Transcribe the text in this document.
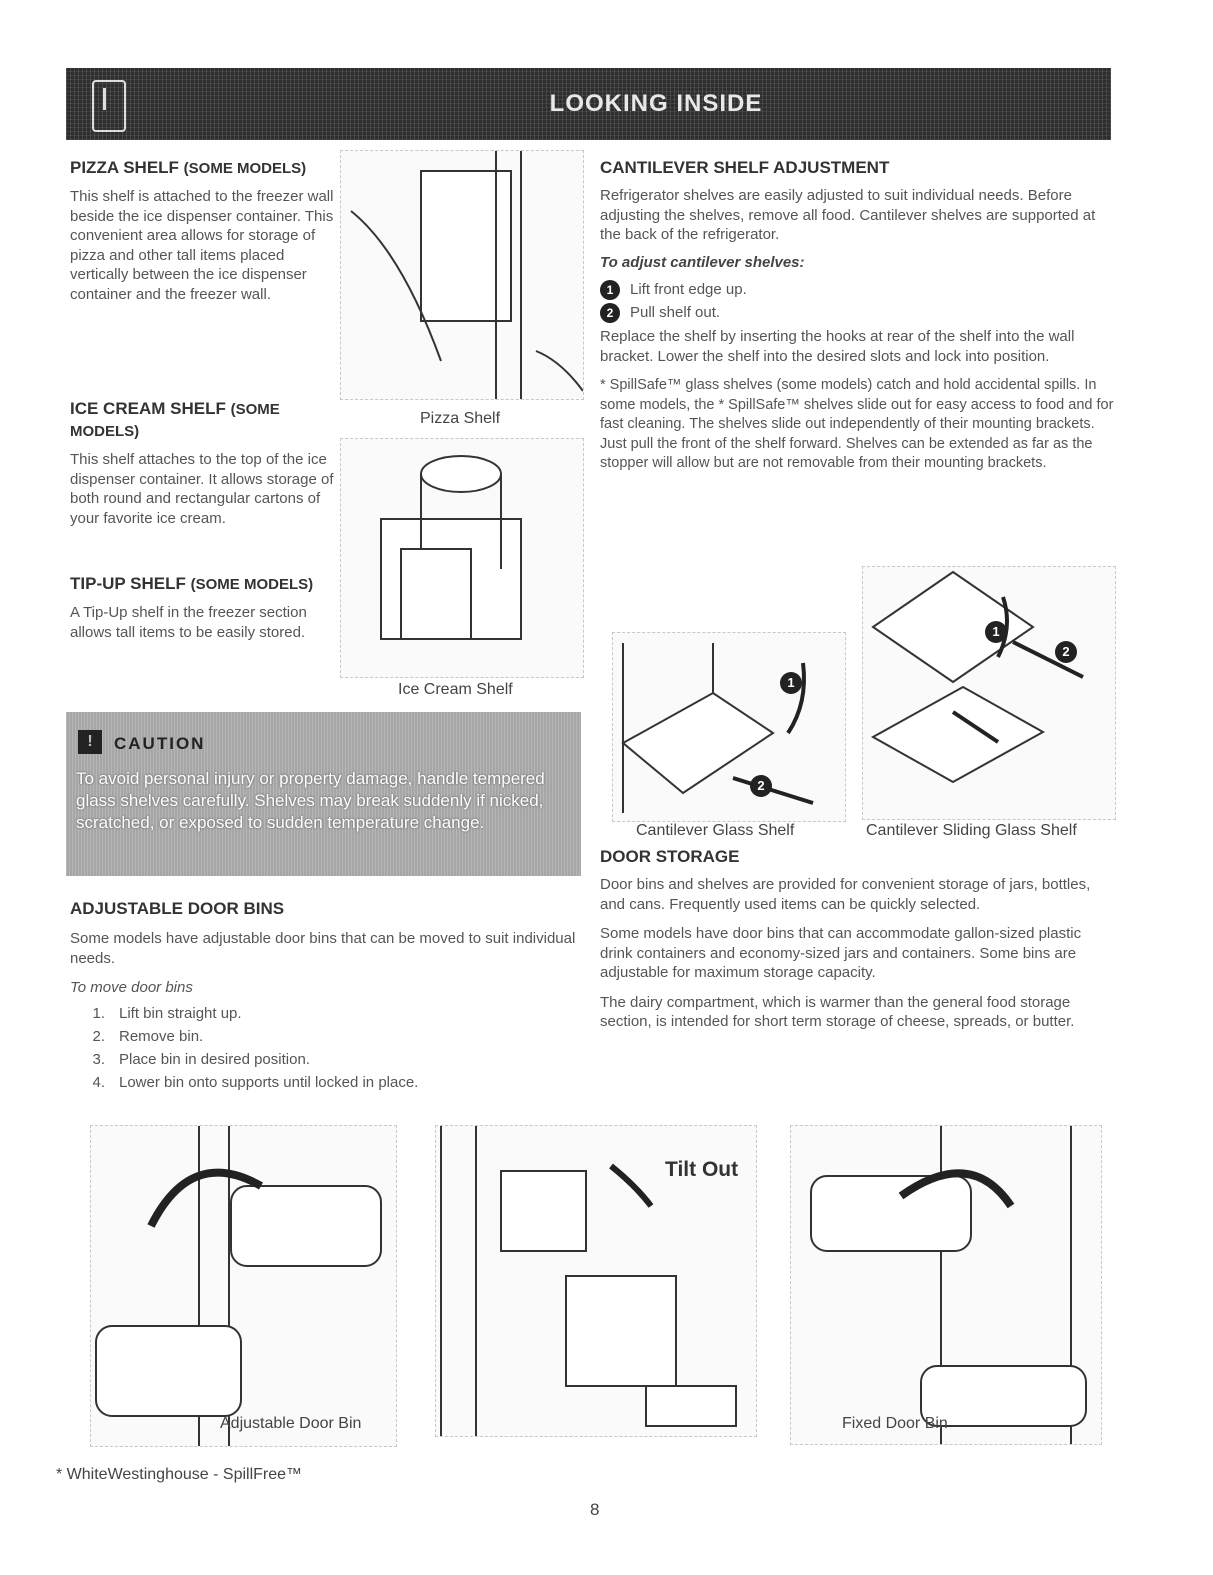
LOOKING INSIDE
PIZZA SHELF (SOME MODELS)

This shelf is attached to the freezer wall beside the ice dispenser container. This convenient area allows for storage of pizza and other tall items placed vertically between the ice dispenser container and the freezer wall.

Pizza Shelf
ICE CREAM SHELF (SOME MODELS)

This shelf attaches to the top of the ice dispenser container. It allows storage of both round and rectangular cartons of your favorite ice cream.

Ice Cream Shelf
TIP-UP SHELF (SOME MODELS)

A Tip-Up shelf in the freezer section allows tall items to be easily stored.

!	CAUTION
To avoid personal injury or property damage, handle tempered glass shelves carefully. Shelves may break suddenly if nicked, scratched, or exposed to sudden temperature change.
ADJUSTABLE DOOR BINS

Some models have adjustable door bins that can be moved to suit individual needs.

To move door bins

1. Lift bin straight up.
2. Remove bin.
3. Place bin in desired position.
4. Lower bin onto supports until locked in place.
CANTILEVER SHELF ADJUSTMENT

Refrigerator shelves are easily adjusted to suit individual needs. Before adjusting the shelves, remove all food. Cantilever shelves are supported at the back of the refrigerator.

To adjust cantilever shelves:

1 Lift front edge up.
2 Pull shelf out.

Replace the shelf by inserting the hooks at rear of the shelf into the wall bracket. Lower the shelf into the desired slots and lock into position.

* SpillSafe™ glass shelves (some models) catch and hold accidental spills. In some models, the * SpillSafe™ shelves slide out for easy access to food and for fast cleaning. The shelves slide out independently of their mounting brackets. Just pull the front of the shelf forward. Shelves can be extended as far as the stopper will allow but are not removable from their mounting brackets.

1
2
1
2
Cantilever Glass Shelf	Cantilever Sliding Glass Shelf
DOOR STORAGE

Door bins and shelves are provided for convenient storage of jars, bottles, and cans. Frequently used items can be quickly selected.

Some models have door bins that can accommodate gallon-sized plastic drink containers and economy-sized jars and containers. Some bins are adjustable for maximum storage capacity.

The dairy compartment, which is warmer than the general food storage section, is intended for short term storage of cheese, spreads, or butter.

Adjustable Door Bin
Tilt Out
Fixed Door Bin
* WhiteWestinghouse - SpillFree™
8
